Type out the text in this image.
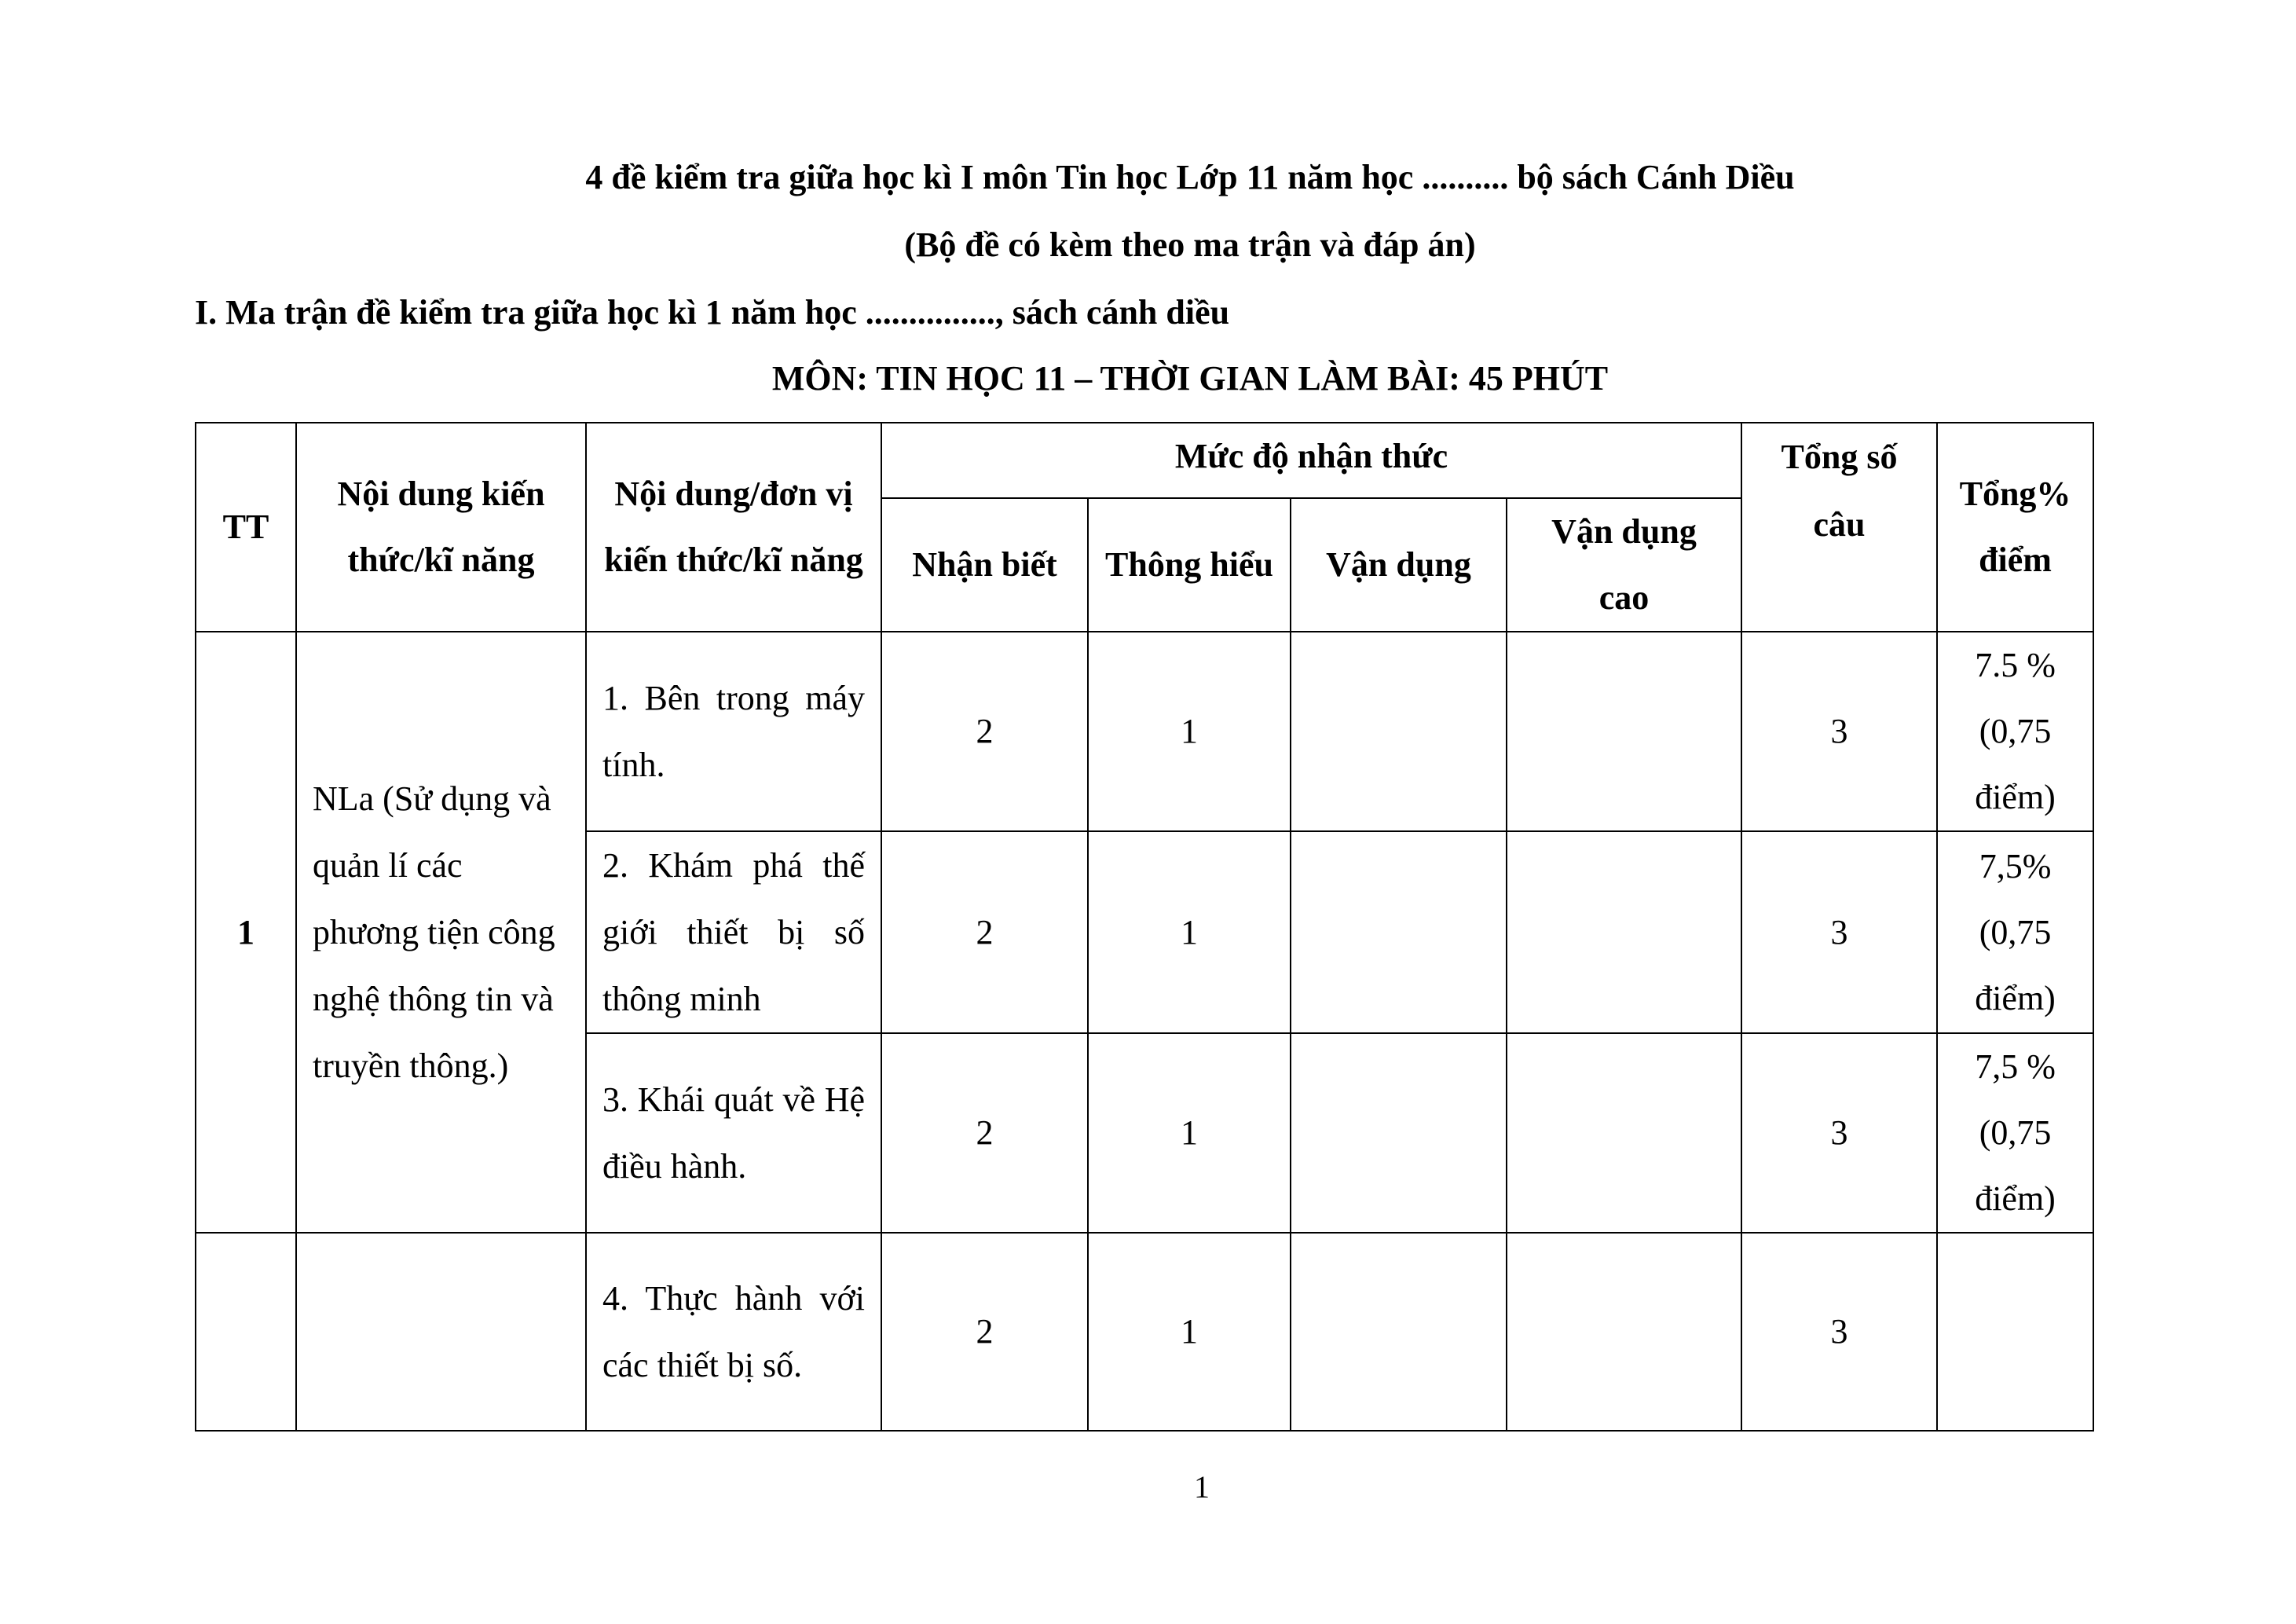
4 đề kiểm tra giữa học kì I môn Tin học Lớp 11 năm học .......... bộ sách Cánh Diều
(Bộ đề có kèm theo ma trận và đáp án)
I. Ma trận đề kiểm tra giữa học kì 1 năm học ..............., sách cánh diều
MÔN: TIN HỌC 11 – THỜI GIAN LÀM BÀI: 45 PHÚT
TT	Nội dung kiến thức/kĩ năng	Nội dung/đơn vị kiến thức/kĩ năng	Mức độ nhận thức				Tổng số câu	Tổng% điểm
			Nhận biết	Thông hiểu	Vận dụng	Vận dụng cao		
1	NLa (Sử dụng và quản lí các phương tiện công nghệ thông tin và truyền thông.)	1. Bên trong máy tính.	2	1			3	7.5 % (0,75 điểm)
		2. Khám phá thế giới thiết bị số thông minh	2	1			3	7,5% (0,75 điểm)
		3. Khái quát về Hệ điều hành.	2	1			3	7,5 % (0,75 điểm)
		4. Thực hành với các thiết bị số.	2	1			3	
1
